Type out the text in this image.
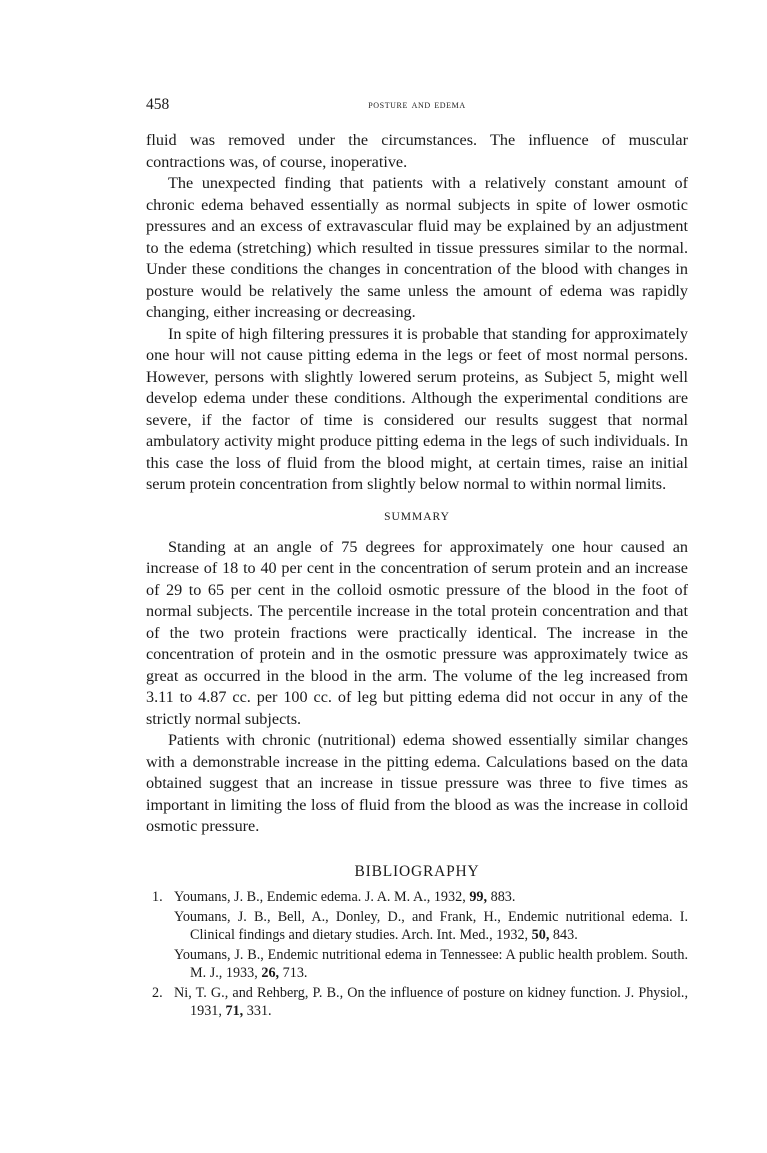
458	posture and edema

fluid was removed under the circumstances. The influence of muscular contractions was, of course, inoperative.

The unexpected finding that patients with a relatively constant amount of chronic edema behaved essentially as normal subjects in spite of lower osmotic pressures and an excess of extravascular fluid may be explained by an adjustment to the edema (stretching) which resulted in tissue pressures similar to the normal. Under these conditions the changes in concentration of the blood with changes in posture would be relatively the same unless the amount of edema was rapidly changing, either increasing or decreasing.

In spite of high filtering pressures it is probable that standing for approximately one hour will not cause pitting edema in the legs or feet of most normal persons. However, persons with slightly lowered serum proteins, as Subject 5, might well develop edema under these conditions. Although the experimental conditions are severe, if the factor of time is considered our results suggest that normal ambulatory activity might produce pitting edema in the legs of such individuals. In this case the loss of fluid from the blood might, at certain times, raise an initial serum protein concentration from slightly below normal to within normal limits.

SUMMARY

Standing at an angle of 75 degrees for approximately one hour caused an increase of 18 to 40 per cent in the concentration of serum protein and an increase of 29 to 65 per cent in the colloid osmotic pressure of the blood in the foot of normal subjects. The percentile increase in the total protein concentration and that of the two protein fractions were practically identical. The increase in the concentration of protein and in the osmotic pressure was approximately twice as great as occurred in the blood in the arm. The volume of the leg increased from 3.11 to 4.87 cc. per 100 cc. of leg but pitting edema did not occur in any of the strictly normal subjects.

Patients with chronic (nutritional) edema showed essentially similar changes with a demonstrable increase in the pitting edema. Calculations based on the data obtained suggest that an increase in tissue pressure was three to five times as important in limiting the loss of fluid from the blood as was the increase in colloid osmotic pressure.

BIBLIOGRAPHY
1. Youmans, J. B., Endemic edema. J. A. M. A., 1932, 99, 883.
Youmans, J. B., Bell, A., Donley, D., and Frank, H., Endemic nutritional edema. I. Clinical findings and dietary studies. Arch. Int. Med., 1932, 50, 843.
Youmans, J. B., Endemic nutritional edema in Tennessee: A public health problem. South. M. J., 1933, 26, 713.
2. Ni, T. G., and Rehberg, P. B., On the influence of posture on kidney function. J. Physiol., 1931, 71, 331.
